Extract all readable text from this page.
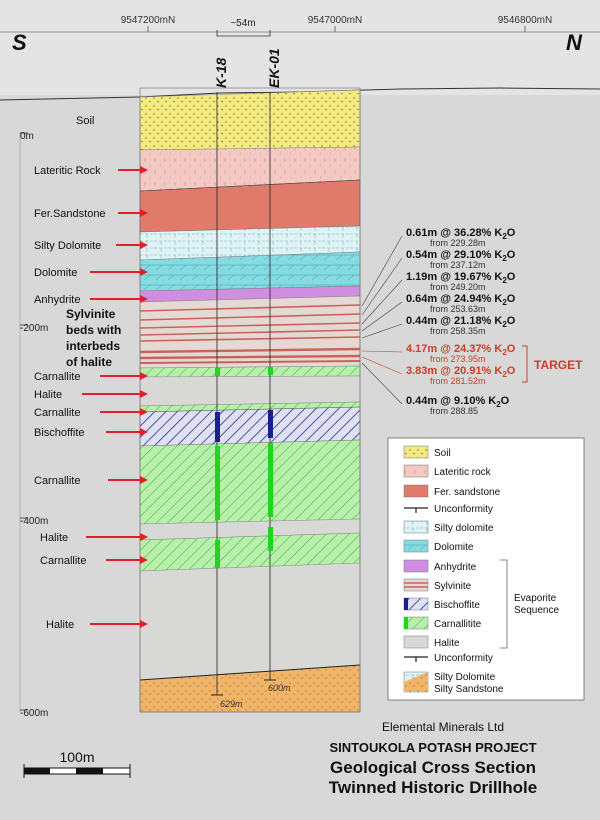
9547200mN	9547000mN	9546800mN
S	N
~54m
K-18	EK-01
0m
-200m
-400m
-600m
629m
600m
Soil
Lateritic Rock
Fer.Sandstone
Silty Dolomite
Dolomite
Anhydrite
Carnallite
Halite
Carnallite
Bischoffite
Carnallite
Halite
Carnallite
Halite
Sylvinite
beds with
interbeds
of halite
0.61m @ 36.28% $K_2O$
from 229.28m
0.54m @ 29.10% $K_2O$
from 237.12m
1.19m @ 19.67% $K_2O$
from 249.20m
0.64m @ 24.94% $K_2O$
from 253.63m
0.44m @ 21.18% $K_2O$
from 258.35m
4.17m @ 24.37% $K_2O$
from 273.95m
3.83m @ 20.91% $K_2O$
from 281.52m
0.44m @ 9.10% $K_2O$
from 288.85
TARGET
Soil
Lateritic rock
Fer. sandstone
Unconformity
Silty dolomite
Dolomite
Anhydrite
Sylvinite
Bischoffite
Carnallitite
Halite
Unconformity
Silty Dolomite
Silty Sandstone
Evaporite
Sequence
Elemental Minerals Ltd
SINTOUKOLA POTASH PROJECT
Geological Cross Section
Twinned Historic Drillhole
100m
